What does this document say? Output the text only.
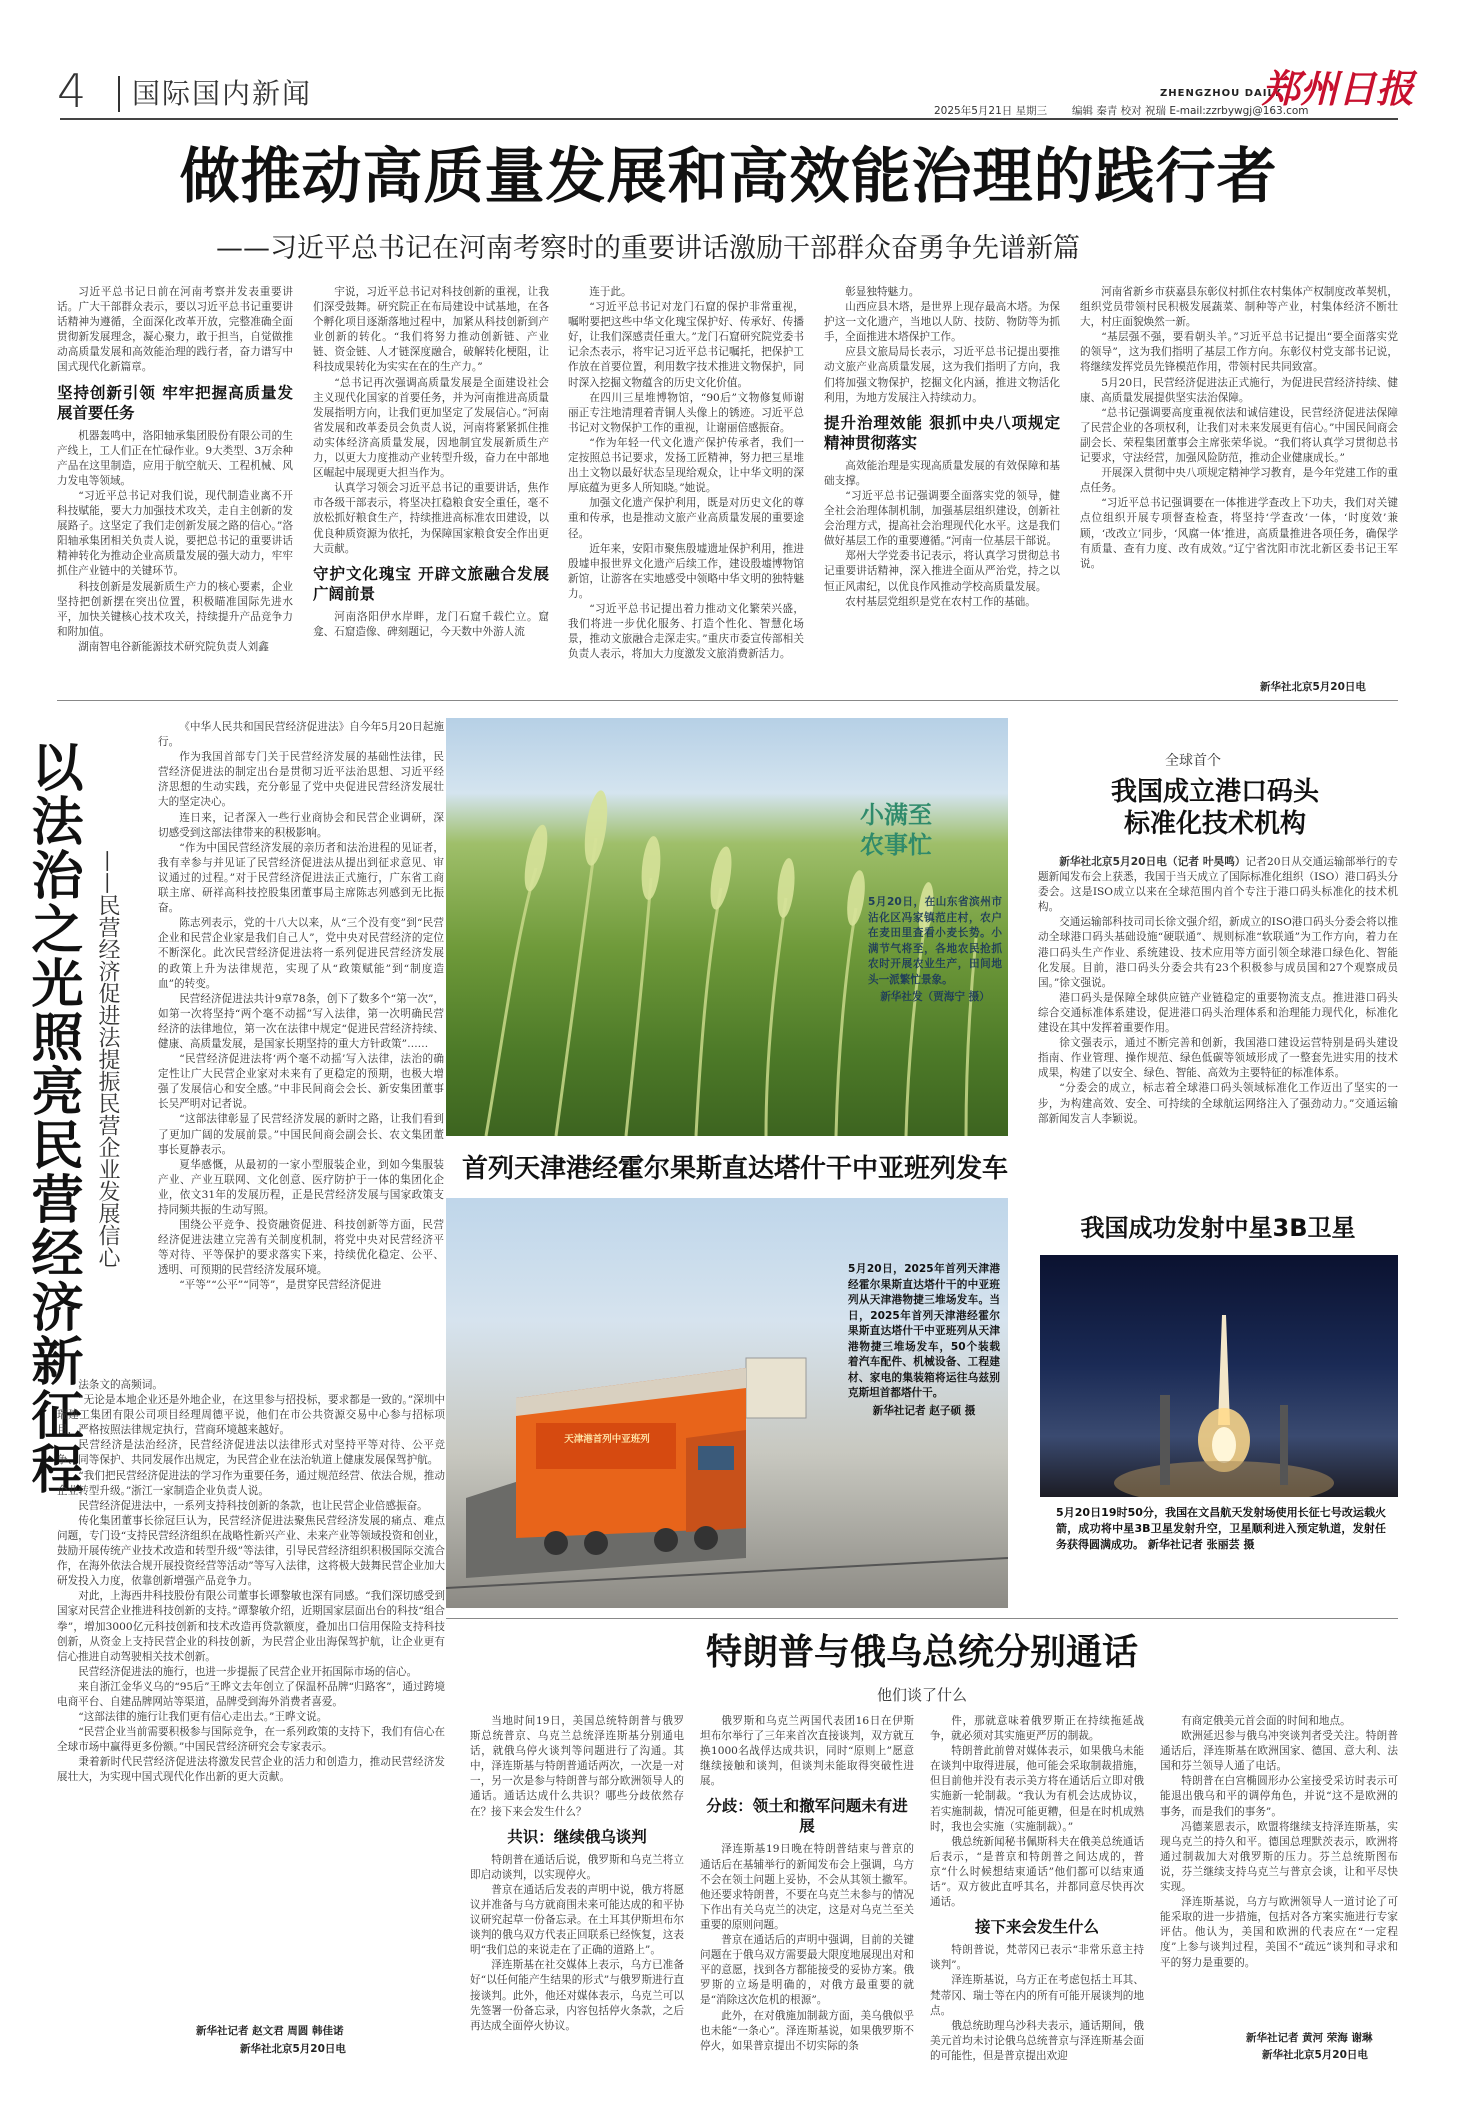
4 国际国内新闻	ZHENGZHOU DAILY
郑州日报
2025年5月21日 星期三 编辑 秦青 校对 祝瑞 E-mail:zzrbywgj@163.com
做推动高质量发展和高效能治理的践行者
——习近平总书记在河南考察时的重要讲话激励干部群众奋勇争先谱新篇

习近平总书记日前在河南考察并发表重要讲话。广大干部群众表示，要以习近平总书记重要讲话精神为遵循，全面深化改革开放，完整准确全面贯彻新发展理念，凝心聚力，敢于担当，自觉做推动高质量发展和高效能治理的践行者，奋力谱写中国式现代化新篇章。

坚持创新引领 牢牢把握高质量发展首要任务

机器轰鸣中，洛阳轴承集团股份有限公司的生产线上，工人们正在忙碌作业。9大类型、3万余种产品在这里制造，应用于航空航天、工程机械、风力发电等领域。

“习近平总书记对我们说，现代制造业离不开科技赋能，要大力加强技术攻关，走自主创新的发展路子。这坚定了我们走创新发展之路的信心。”洛阳轴承集团相关负责人说，要把总书记的重要讲话精神转化为推动企业高质量发展的强大动力，牢牢抓住产业链中的关键环节。

科技创新是发展新质生产力的核心要素，企业坚持把创新摆在突出位置，积极瞄准国际先进水平，加快关键核心技术攻关，持续提升产品竞争力和附加值。

湖南智电谷新能源技术研究院负责人刘鑫

宇说，习近平总书记对科技创新的重视，让我们深受鼓舞。研究院正在布局建设中试基地，在各个孵化项目逐渐落地过程中，加紧从科技创新到产业创新的转化。“我们将努力推动创新链、产业链、资金链、人才链深度融合，破解转化梗阻，让科技成果转化为实实在在的生产力。”

“总书记再次强调高质量发展是全面建设社会主义现代化国家的首要任务，并为河南推进高质量发展指明方向，让我们更加坚定了发展信心。”河南省发展和改革委员会负责人说，河南将紧紧抓住推动实体经济高质量发展，因地制宜发展新质生产力，以更大力度推动产业转型升级，奋力在中部地区崛起中展现更大担当作为。

认真学习领会习近平总书记的重要讲话，焦作市各级干部表示，将坚决扛稳粮食安全重任，毫不放松抓好粮食生产，持续推进高标准农田建设，以优良种质资源为依托，为保障国家粮食安全作出更大贡献。

守护文化瑰宝 开辟文旅融合发展广阔前景

河南洛阳伊水岸畔，龙门石窟千载伫立。窟龛、石窟造像、碑刻题记，今天数中外游人流

连于此。

“习近平总书记对龙门石窟的保护非常重视，嘱咐要把这些中华文化瑰宝保护好、传承好、传播好，让我们深感责任重大。”龙门石窟研究院党委书记余杰表示，将牢记习近平总书记嘱托，把保护工作放在首要位置，利用数字技术推进文物保护，同时深入挖掘文物蕴含的历史文化价值。

在四川三星堆博物馆，“90后”文物修复师谢丽正专注地清理着青铜人头像上的锈迹。习近平总书记对文物保护工作的重视，让谢丽倍感振奋。

“作为年轻一代文化遗产保护传承者，我们一定按照总书记要求，发扬工匠精神，努力把三星堆出土文物以最好状态呈现给观众，让中华文明的深厚底蕴为更多人所知晓。”她说。

加强文化遗产保护利用，既是对历史文化的尊重和传承，也是推动文旅产业高质量发展的重要途径。

近年来，安阳市聚焦殷墟遗址保护利用，推进殷墟申报世界文化遗产后续工作，建设殷墟博物馆新馆，让游客在实地感受中领略中华文明的独特魅力。

“习近平总书记提出着力推动文化繁荣兴盛，我们将进一步优化服务、打造个性化、智慧化场景，推动文旅融合走深走实。”重庆市委宣传部相关负责人表示，将加大力度激发文旅消费新活力。

彰显独特魅力。

山西应县木塔，是世界上现存最高木塔。为保护这一文化遗产，当地以人防、技防、物防等为抓手，全面推进木塔保护工作。

应县文旅局局长表示，习近平总书记提出要推动文旅产业高质量发展，这为我们指明了方向，我们将加强文物保护，挖掘文化内涵，推进文物活化利用，为地方发展注入持续动力。

提升治理效能 狠抓中央八项规定精神贯彻落实

高效能治理是实现高质量发展的有效保障和基础支撑。

“习近平总书记强调要全面落实党的领导，健全社会治理体制机制，加强基层组织建设，创新社会治理方式，提高社会治理现代化水平。这是我们做好基层工作的重要遵循。”河南一位基层干部说。

郑州大学党委书记表示，将认真学习贯彻总书记重要讲话精神，深入推进全面从严治党，持之以恒正风肃纪，以优良作风推动学校高质量发展。

农村基层党组织是党在农村工作的基础。

河南省新乡市获嘉县东彰仪村抓住农村集体产权制度改革契机，组织党员带领村民积极发展蔬菜、制种等产业，村集体经济不断壮大，村庄面貌焕然一新。

“基层强不强，要看朝头羊。”习近平总书记提出“要全面落实党的领导”，这为我们指明了基层工作方向。东彰仪村党支部书记说，将继续发挥党员先锋模范作用，带领村民共同致富。

5月20日，民营经济促进法正式施行，为促进民营经济持续、健康、高质量发展提供坚实法治保障。

“总书记强调要高度重视依法和诚信建设，民营经济促进法保障了民营企业的各项权利，让我们对未来发展更有信心。”中国民间商会副会长、荣程集团董事会主席张荣华说。“我们将认真学习贯彻总书记要求，守法经营，加强风险防范，推动企业健康成长。”

开展深入贯彻中央八项规定精神学习教育，是今年党建工作的重点任务。

“习近平总书记强调要在一体推进学查改上下功夫，我们对关键点位组织开展专项督查检查，将坚持‘学查改’一体，‘时度效’兼顾，‘改改立’同步，‘风腐一体’推进，高质量推进各项任务，确保学有质量、查有力度、改有成效。”辽宁省沈阳市沈北新区委书记王军说。

新华社北京5月20日电
以法治之光照亮民营经济新征程 ——民营经济促进法提振民营企业发展信心

《中华人民共和国民营经济促进法》自今年5月20日起施行。

作为我国首部专门关于民营经济发展的基础性法律，民营经济促进法的制定出台是贯彻习近平法治思想、习近平经济思想的生动实践，充分彰显了党中央促进民营经济发展壮大的坚定决心。

连日来，记者深入一些行业商协会和民营企业调研，深切感受到这部法律带来的积极影响。

“作为中国民营经济发展的亲历者和法治进程的见证者，我有幸参与并见证了民营经济促进法从提出到征求意见、审议通过的过程。”对于民营经济促进法正式施行，广东省工商联主席、研祥高科技控股集团董事局主席陈志列感到无比振奋。

陈志列表示，党的十八大以来，从“三个没有变”到“民营企业和民营企业家是我们自己人”，党中央对民营经济的定位不断深化。此次民营经济促进法将一系列促进民营经济发展的政策上升为法律规范，实现了从“政策赋能”到“制度造血”的转变。

民营经济促进法共计9章78条，创下了数多个“第一次”，如第一次将坚持“两个毫不动摇”写入法律，第一次明确民营经济的法律地位，第一次在法律中规定“促进民营经济持续、健康、高质量发展，是国家长期坚持的重大方针政策”……

“民营经济促进法将‘两个毫不动摇’写入法律，法治的确定性让广大民营企业家对未来有了更稳定的预期，也极大增强了发展信心和安全感。”中非民间商会会长、新安集团董事长吴严明对记者说。

“这部法律彰显了民营经济发展的新时之路，让我们看到了更加广阔的发展前景。”中国民间商会副会长、农文集团董事长夏静表示。

夏华感慨，从最初的一家小型服装企业，到如今集服装产业、产业互联网、文化创意、医疗防护于一体的集团化企业，依文31年的发展历程，正是民营经济发展与国家政策支持同频共振的生动写照。

围绕公平竞争、投资融资促进、科技创新等方面，民营经济促进法建立完善有关制度机制，将党中央对民营经济平等对待、平等保护的要求落实下来，持续优化稳定、公平、透明、可预期的民营经济发展环境。

“平等”“公平”“同等”，是贯穿民营经济促进

法条文的高频词。

“无论是本地企业还是外地企业，在这里参与招投标，要求都是一致的。”深圳中瑞建工集团有限公司项目经理周德平说，他们在市公共资源交易中心参与招标项目，严格按照法律规定执行，营商环境越来越好。

民营经济是法治经济，民营经济促进法以法律形式对坚持平等对待、公平竞争、同等保护、共同发展作出规定，为民营企业在法治轨道上健康发展保驾护航。

“我们把民营经济促进法的学习作为重要任务，通过规范经营、依法合规，推动企业转型升级。”浙江一家制造企业负责人说。

民营经济促进法中，一系列支持科技创新的条款，也让民营企业倍感振奋。

传化集团董事长徐冠巨认为，民营经济促进法聚焦民营经济发展的痛点、难点问题，专门设“支持民营经济组织在战略性新兴产业、未来产业等领域投资和创业，鼓励开展传统产业技术改造和转型升级”等法律，引导民营经济组织积极国际交流合作，在海外依法合规开展投资经营等活动”等写入法律，这将极大鼓舞民营企业加大研发投入力度，依靠创新增强产品竞争力。

对此，上海西井科技股份有限公司董事长谭黎敏也深有同感。“我们深切感受到国家对民营企业推进科技创新的支持。”谭黎敏介绍，近期国家层面出台的科技“组合拳”，增加3000亿元科技创新和技术改造再贷款额度，叠加出口信用保险支持科技创新，从资金上支持民营企业的科技创新，为民营企业出海保驾护航，让企业更有信心推进自动驾驶相关技术创新。

民营经济促进法的施行，也进一步提振了民营企业开拓国际市场的信心。

来自浙江金华义乌的“95后”王晔文去年创立了保温杯品牌“归路客”，通过跨境电商平台、自建品牌网站等渠道，品牌受到海外消费者喜爱。

“这部法律的施行让我们更有信心走出去。”王晔文说。

“民营企业当前需要积极参与国际竞争，在一系列政策的支持下，我们有信心在全球市场中赢得更多份额。”中国民营经济研究会专家表示。

秉着新时代民营经济促进法将激发民营企业的活力和创造力，推动民营经济发展壮大，为实现中国式现代化作出新的更大贡献。

新华社记者 赵文君 周圆 韩佳诺
新华社北京5月20日电
小满至
农事忙
5月20日，在山东省滨州市沾化区冯家镇范庄村，农户在麦田里查看小麦长势。小满节气将至，各地农民抢抓农时开展农业生产，田间地头一派繁忙景象。
新华社发（贾海宁 摄）
首列天津港经霍尔果斯直达塔什干中亚班列发车
天津港首列中亚班列
5月20日，2025年首列天津港经霍尔果斯直达塔什干的中亚班列从天津港物捷三堆场发车。当日，2025年首列天津港经霍尔果斯直达塔什干中亚班列从天津港物捷三堆场发车，50个装载着汽车配件、机械设备、工程建材、家电的集装箱将运往乌兹别克斯坦首都塔什干。
新华社记者 赵子硕 摄
全球首个
我国成立港口码头
标准化技术机构

新华社北京5月20日电（记者 叶昊鸣）记者20日从交通运输部举行的专题新闻发布会上获悉，我国于当天成立了国际标准化组织（ISO）港口码头分委会。这是ISO成立以来在全球范围内首个专注于港口码头标准化的技术机构。

交通运输部科技司司长徐文强介绍，新成立的ISO港口码头分委会将以推动全球港口码头基础设施“硬联通”、规则标准“软联通”为工作方向，着力在港口码头生产作业、系统建设、技术应用等方面引领全球港口绿色化、智能化发展。目前，港口码头分委会共有23个积极参与成员国和27个观察成员国。”徐文强说。

港口码头是保障全球供应链产业链稳定的重要物流支点。推进港口码头综合交通标准体系建设，促进港口码头治理体系和治理能力现代化，标准化建设在其中发挥着重要作用。

徐文强表示，通过不断完善和创新，我国港口建设运营特别是码头建设指南、作业管理、操作规范、绿色低碳等领域形成了一整套先进实用的技术成果，构建了以安全、绿色、智能、高效为主要特征的标准体系。

“分委会的成立，标志着全球港口码头领域标准化工作迈出了坚实的一步，为构建高效、安全、可持续的全球航运网络注入了强劲动力。”交通运输部新闻发言人李颖说。

我国成功发射中星3B卫星
5月20日19时50分，我国在文昌航天发射场使用长征七号改运载火箭，成功将中星3B卫星发射升空，卫星顺利进入预定轨道，发射任务获得圆满成功。 新华社记者 张丽芸 摄
特朗普与俄乌总统分别通话
他们谈了什么

当地时间19日，美国总统特朗普与俄罗斯总统普京、乌克兰总统泽连斯基分别通电话，就俄乌停火谈判等问题进行了沟通。其中，泽连斯基与特朗普通话两次，一次是一对一，另一次是参与特朗普与部分欧洲领导人的通话。通话达成什么共识？哪些分歧依然存在？接下来会发生什么？

共识：继续俄乌谈判

特朗普在通话后说，俄罗斯和乌克兰将立即启动谈判，以实现停火。

普京在通话后发表的声明中说，俄方将愿议并准备与乌方就商围未来可能达成的和平协议研究起草一份备忘录。在土耳其伊斯坦布尔谈判的俄乌双方代表正回联系已经恢复，这表明“我们总的来说走在了正确的道路上”。

泽连斯基在社交媒体上表示，乌方已准备好“以任何能产生结果的形式”与俄罗斯进行直接谈判。此外，他还对媒体表示，乌克兰可以先签署一份备忘录，内容包括停火条款，之后再达成全面停火协议。

俄罗斯和乌克兰两国代表团16日在伊斯坦布尔举行了三年来首次直接谈判，双方就互换1000名战俘达成共识，同时“原则上”愿意继续接触和谈判，但谈判未能取得突破性进展。

分歧：领土和撤军问题未有进展

泽连斯基19日晚在特朗普结束与普京的通话后在基辅举行的新闻发布会上强调，乌方不会在领土问题上妥协，不会从其领土撤军。他还要求特朗普，不要在乌克兰未参与的情况下作出有关乌克兰的决定，这是对乌克兰至关重要的原则问题。

普京在通话后的声明中强调，目前的关键问题在于俄乌双方需要最大限度地展现出对和平的意愿，找到各方都能接受的妥协方案。俄罗斯的立场是明确的，对俄方最重要的就是“消除这次危机的根源”。

此外，在对俄施加制裁方面，美乌俄似乎也未能“一条心”。泽连斯基说，如果俄罗斯不停火，如果普京提出不切实际的条

件，那就意味着俄罗斯正在持续拖延战争，就必须对其实施更严厉的制裁。

特朗普此前曾对媒体表示，如果俄乌未能在谈判中取得进展，他可能会采取制裁措施，但目前他并没有表示美方将在通话后立即对俄实施新一轮制裁。“我认为有机会达成协议，若实施制裁，情况可能更糟，但是在时机成熟时，我也会实施（实施制裁）。”

俄总统新闻秘书佩斯科夫在俄美总统通话后表示，“是普京和特朗普之间达成的，普京“什么时候想结束通话”他们都可以结束通话”。双方彼此直呼其名，并都同意尽快再次通话。

接下来会发生什么

特朗普说，梵蒂冈已表示“非常乐意主持谈判”。

泽连斯基说，乌方正在考虑包括土耳其、梵蒂冈、瑞士等在内的所有可能开展谈判的地点。

俄总统助理乌沙科夫表示，通话期间，俄美元首均未讨论俄乌总统普京与泽连斯基会面的可能性，但是普京提出欢迎

有商定俄美元首会面的时间和地点。

欧洲延迟参与俄乌冲突谈判者受关注。特朗普通话后，泽连斯基在欧洲国家、德国、意大利、法国和芬兰领导人通了电话。

特朗普在白宫椭圆形办公室接受采访时表示可能退出俄乌和平的调停角色，并说“这不是欧洲的事务，而是我们的事务”。

冯德莱恩表示，欧盟将继续支持泽连斯基，实现乌克兰的持久和平。德国总理默茨表示，欧洲将通过制裁加大对俄罗斯的压力。芬兰总统斯图布说，芬兰继续支持乌克兰与普京会谈，让和平尽快实现。

泽连斯基说，乌方与欧洲领导人一道讨论了可能采取的进一步措施，包括对各方案实施进行专家评估。他认为，美国和欧洲的代表应在“一定程度”上参与谈判过程，美国不“疏远”谈判和寻求和平的努力是重要的。

新华社记者 黄河 荣海 谢琳
新华社北京5月20日电
